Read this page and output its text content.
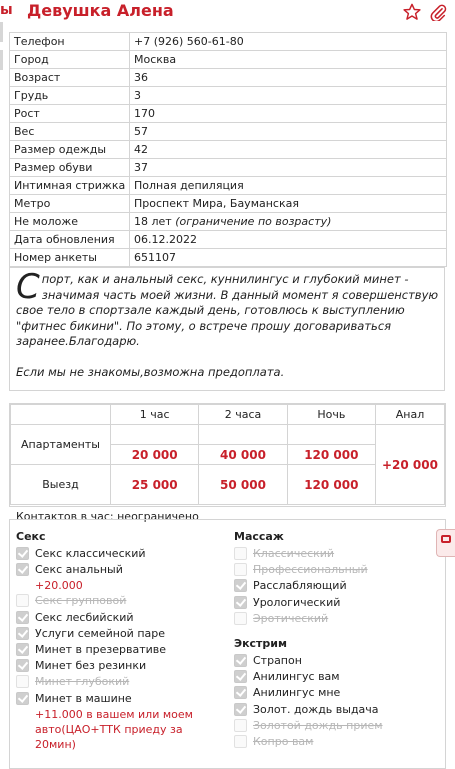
ы Девушка Алена
Телефон	+7 (926) 560-61-80
Город	Москва
Возраст	36
Грудь	3
Рост	170
Вес	57
Размер одежды	42
Размер обуви	37
Интимная стрижка	Полная депиляция
Метро	Проспект Мира, Бауманская
Не моложе	18 лет (ограничение по возрасту)
Дата обновления	06.12.2022
Номер анкеты	651107

Спорт, как и анальный секс, куннилингус и глубокий минет - значимая часть моей жизни. В данный момент я совершенствую свое тело в спортзале каждый день, готовлюсь к выступлению "фитнес бикини". По этому, о встрече прошу договариваться заранее.Благодарю.

Если мы не знакомы,возможна предоплата.

	1 час	2 часа	Ночь	Анал
Апартаменты				+20 000
	20 000	40 000	120 000	
Выезд	25 000	50 000	120 000	
Контактов в час: неограничено
Секс
Секс классический
Секс анальный
+20.000
Секс групповой
Секс лесбийский
Услуги семейной паре
Минет в презервативе
Минет без резинки
Минет глубокий
Минет в машине
+11.000 в вашем или моем авто(ЦАО+ТТК приеду за 20мин)
Массаж
Классический
Профессиональный
Расслабляющий
Урологический
Эротический
Экстрим
Страпон
Анилингус вам
Анилингус мне
Золот. дождь выдача
Золотой дождь прием
Копро вам
